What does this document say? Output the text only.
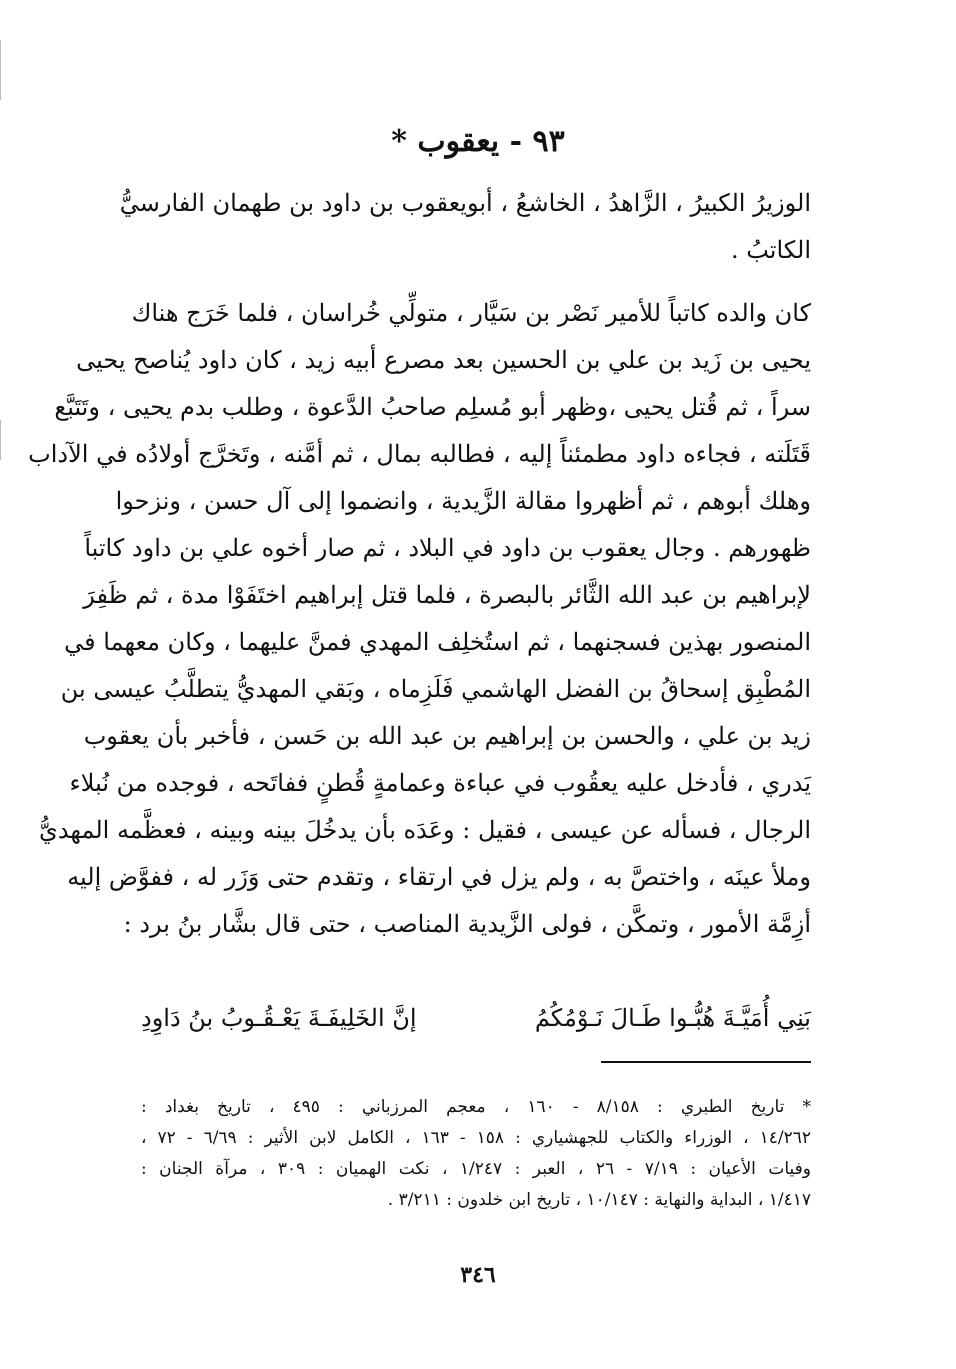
٩٣ - يعقوب *
الوزيرُ الكبيرُ ، الزَّاهدُ ، الخاشعُ ، أبويعقوب بن داود بن طهمان الفارسيُّ
الكاتبُ .
كان والده كاتباً للأمير نَصْر بن سَيَّار ، متولِّي خُراسان ، فلما خَرَج هناك
يحيى بن زَيد بن علي بن الحسين بعد مصرع أبيه زيد ، كان داود يُناصح يحيى
سراً ، ثم قُتل يحيى ،وظهر أبو مُسلِم صاحبُ الدَّعوة ، وطلب بدم يحيى ، وتَتَبَّع
قَتَلَته ، فجاءه داود مطمئناً إليه ، فطالبه بمال ، ثم أمَّنه ، وتَخرَّج أولادُه في الآداب
وهلك أبوهم ، ثم أظهروا مقالة الزَّيدية ، وانضموا إلى آل حسن ، ونزحوا
ظهورهم . وجال يعقوب بن داود في البلاد ، ثم صار أخوه علي بن داود كاتباً
لإبراهيم بن عبد الله الثَّائر بالبصرة ، فلما قتل إبراهيم اختَفَوْا مدة ، ثم ظَفِرَ
المنصور بهذين فسجنهما ، ثم استُخلِف المهدي فمنَّ عليهما ، وكان معهما في
المُطْبِق إسحاقُ بن الفضل الهاشمي فَلَزِماه ، وبَقي المهديُّ يتطلَّبُ عيسى بن
زيد بن علي ، والحسن بن إبراهيم بن عبد الله بن حَسن ، فأخبر بأن يعقوب
يَدري ، فأدخل عليه يعقُوب في عباءة وعمامةٍ قُطنٍ ففاتَحه ، فوجده من نُبلاء
الرجال ، فسأله عن عيسى ، فقيل : وعَدَه بأن يدخُلَ بينه وبينه ، فعظَّمه المهديُّ
وملأ عينَه ، واختصَّ به ، ولم يزل في ارتقاء ، وتقدم حتى وَزَر له ، ففوَّض إليه
أزِمَّة الأمور ، وتمكَّن ، فولى الزَّيدية المناصب ، حتى قال بشَّار بنُ برد :
بَنِي أُمَيَّـةَ هُبُّـوا طَـالَ نَـوْمُكُمُ
إنَّ الخَلِيفَـةَ يَعْـقُـوبُ بنُ دَاوِدِ
* تاريخ الطبري : ٨/١٥٨ - ١٦٠ ، معجم المرزباني : ٤٩٥ ، تاريخ بغداد :
١٤/٢٦٢ ، الوزراء والكتاب للجهشياري : ١٥٨ - ١٦٣ ، الكامل لابن الأثير : ٦/٦٩ - ٧٢ ،
وفيات الأعيان : ٧/١٩ - ٢٦ ، العبر : ١/٢٤٧ ، نكت الهميان : ٣٠٩ ، مرآة الجنان :
١/٤١٧ ، البداية والنهاية : ١٠/١٤٧ ، تاريخ ابن خلدون : ٣/٢١١ .
٣٤٦
